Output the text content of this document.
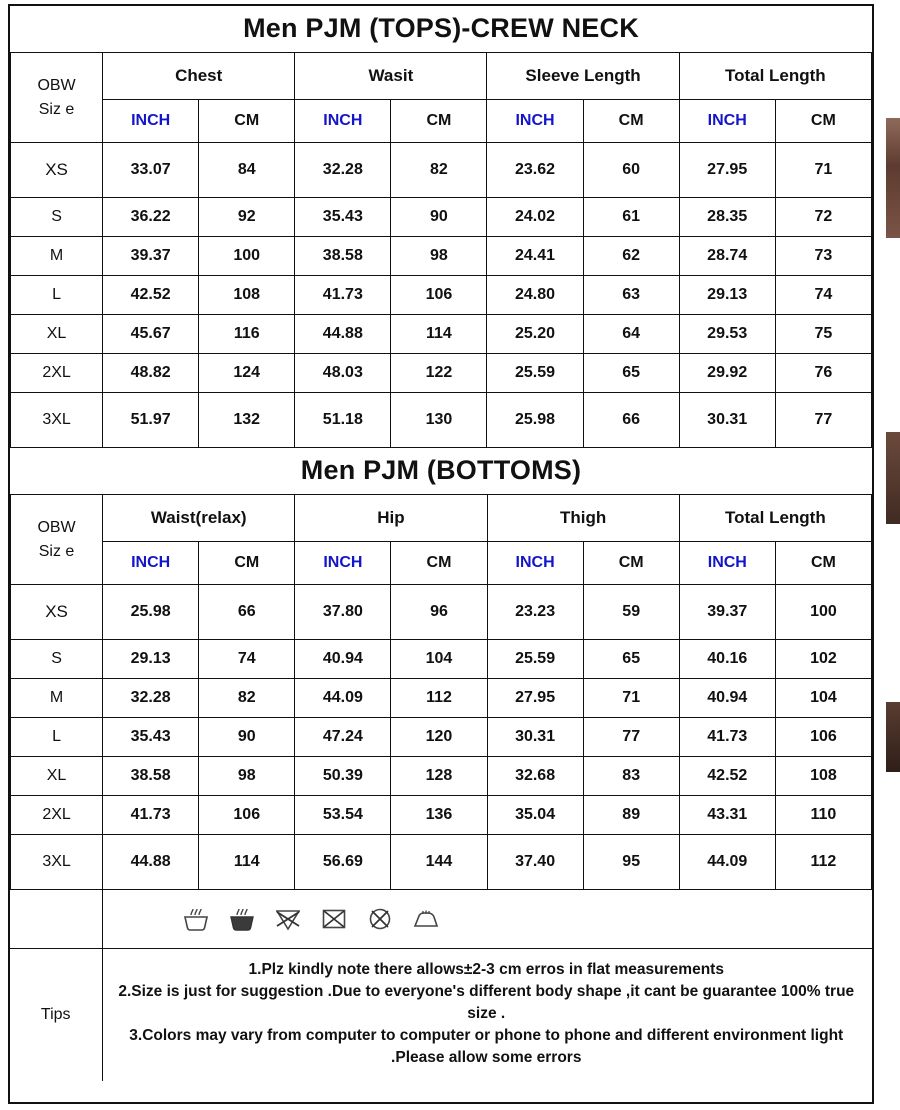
Men PJM (TOPS)-CREW NECK								

OBW
Siz e	Chest		Wasit		Sleeve Length		Total Length	
	INCH	CM	INCH	CM	INCH	CM	INCH	CM
XS	33.07	84	32.28	82	23.62	60	27.95	71
S	36.22	92	35.43	90	24.02	61	28.35	72
M	39.37	100	38.58	98	24.41	62	28.74	73
L	42.52	108	41.73	106	24.80	63	29.13	74
XL	45.67	116	44.88	114	25.20	64	29.53	75
2XL	48.82	124	48.03	122	25.59	65	29.92	76
3XL	51.97	132	51.18	130	25.98	66	30.31	77
Men PJM (BOTTOMS)								

OBW
Siz e	Waist(relax)		Hip		Thigh		Total Length	
	INCH	CM	INCH	CM	INCH	CM	INCH	CM
XS	25.98	66	37.80	96	23.23	59	39.37	100
S	29.13	74	40.94	104	25.59	65	40.16	102
M	32.28	82	44.09	112	27.95	71	40.94	104
L	35.43	90	47.24	120	30.31	77	41.73	106
XL	38.58	98	50.39	128	32.68	83	42.52	108
2XL	41.73	106	53.54	136	35.04	89	43.31	110
3XL	44.88	114	56.69	144	37.40	95	44.09	112

Tips	1.Plz kindly note there allows±2-3 cm erros in flat measurements
2.Size is just for suggestion .Due to everyone's different body shape ,it cant be guarantee 100% true size .
3.Colors may vary from computer to computer or phone to phone and different environment light .Please allow some errors
